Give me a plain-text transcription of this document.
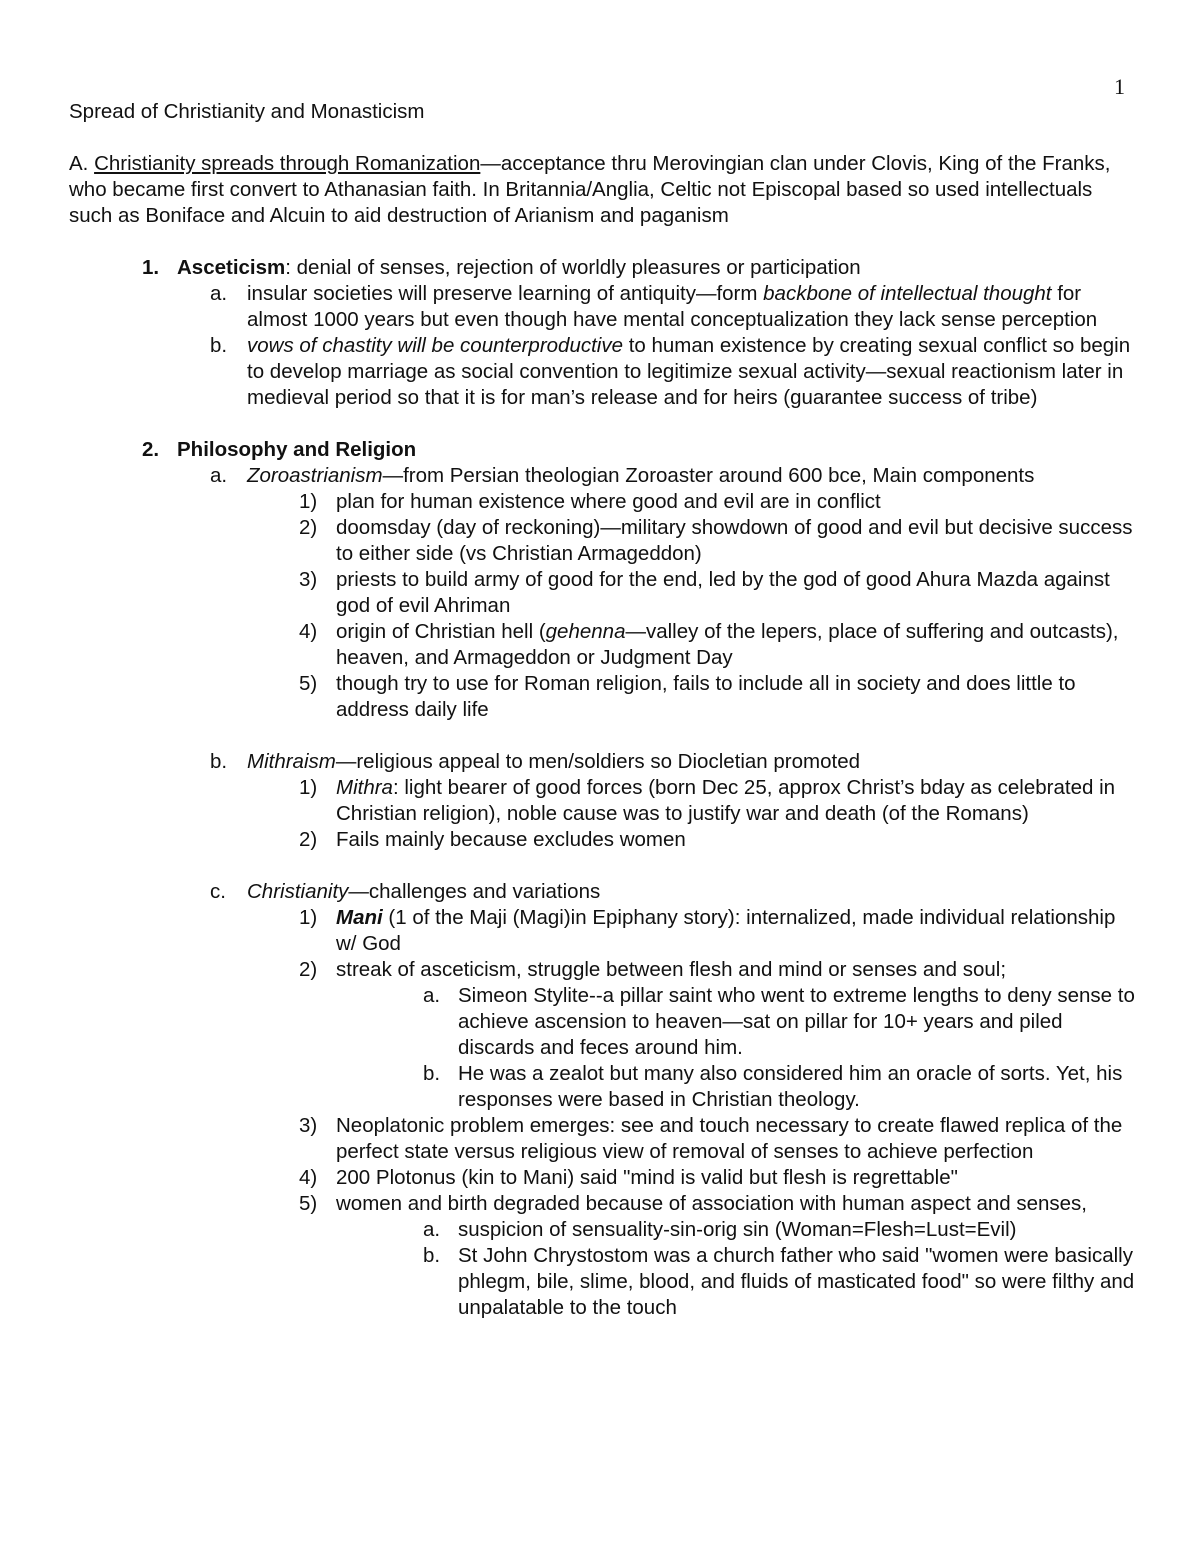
1
Spread of Christianity and Monasticism
A. Christianity spreads through Romanization—acceptance thru Merovingian clan under Clovis, King of the Franks, who became first convert to Athanasian faith. In Britannia/Anglia, Celtic not Episcopal based so used intellectuals such as Boniface and Alcuin to aid destruction of Arianism and paganism
1. Asceticism: denial of senses, rejection of worldly pleasures or participation
a. insular societies will preserve learning of antiquity—form backbone of intellectual thought for almost 1000 years but even though have mental conceptualization they lack sense perception
b. vows of chastity will be counterproductive to human existence by creating sexual conflict so begin to develop marriage as social convention to legitimize sexual activity—sexual reactionism later in medieval period so that it is for man’s release and for heirs (guarantee success of tribe)
2. Philosophy and Religion
a. Zoroastrianism—from Persian theologian Zoroaster around 600 bce, Main components
1) plan for human existence where good and evil are in conflict
2) doomsday (day of reckoning)—military showdown of good and evil but decisive success to either side (vs Christian Armageddon)
3) priests to build army of good for the end, led by the god of good Ahura Mazda against god of evil Ahriman
4) origin of Christian hell (gehenna—valley of the lepers, place of suffering and outcasts), heaven, and Armageddon or Judgment Day
5) though try to use for Roman religion, fails to include all in society and does little to address daily life
b. Mithraism—religious appeal to men/soldiers so Diocletian promoted
1) Mithra: light bearer of good forces (born Dec 25, approx Christ’s bday as celebrated in Christian religion), noble cause was to justify war and death (of the Romans)
2) Fails mainly because excludes women
c. Christianity—challenges and variations
1) Mani (1 of the Maji (Magi)in Epiphany story): internalized, made individual relationship w/ God
2) streak of asceticism, struggle between flesh and mind or senses and soul;
a. Simeon Stylite--a pillar saint who went to extreme lengths to deny sense to achieve ascension to heaven—sat on pillar for 10+ years and piled discards and feces around him.
b. He was a zealot but many also considered him an oracle of sorts. Yet, his responses were based in Christian theology.
3) Neoplatonic problem emerges: see and touch necessary to create flawed replica of the perfect state versus religious view of removal of senses to achieve perfection
4) 200 Plotonus (kin to Mani) said "mind is valid but flesh is regrettable"
5) women and birth degraded because of association with human aspect and senses,
a. suspicion of sensuality-sin-orig sin (Woman=Flesh=Lust=Evil)
b. St John Chrystostom was a church father who said "women were basically phlegm, bile, slime, blood, and fluids of masticated food" so were filthy and unpalatable to the touch
